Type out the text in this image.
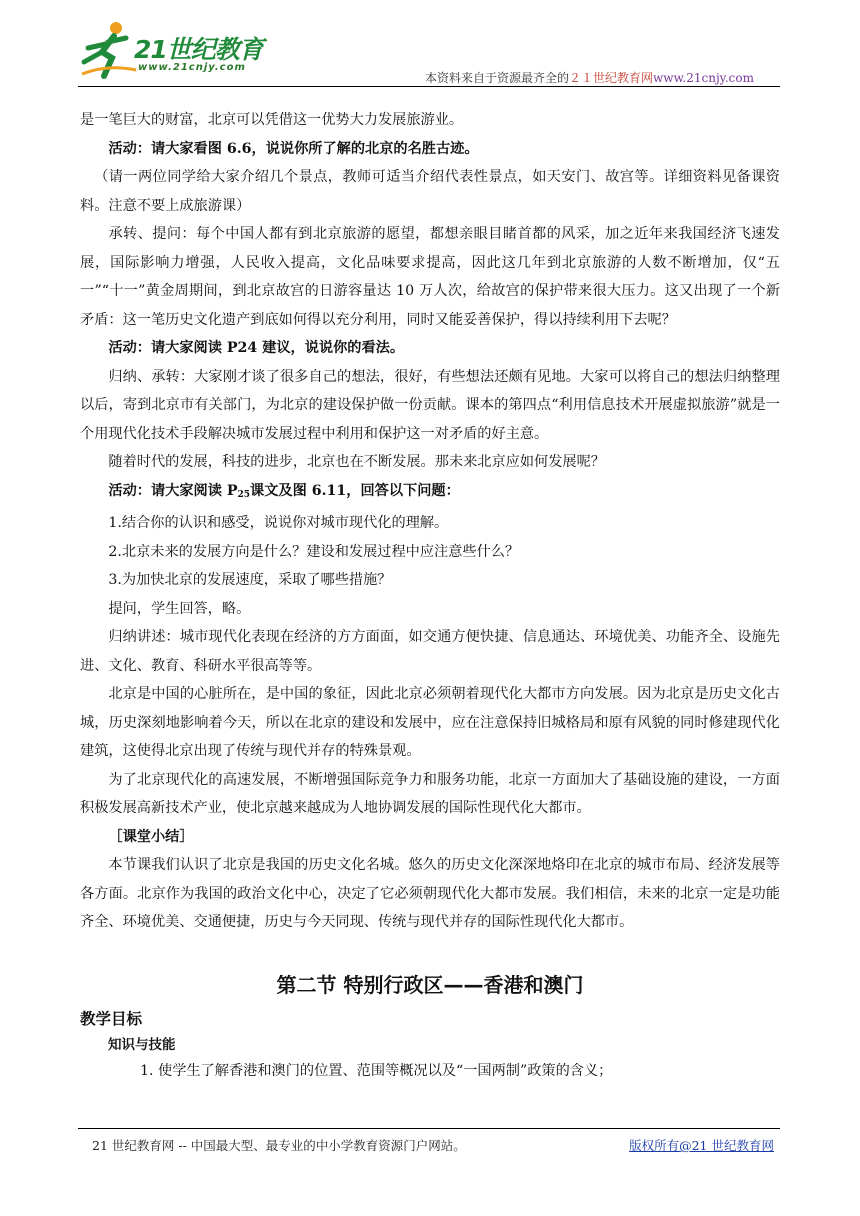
21世纪教育
www.21cnjy.com
本资料来自于资源最齐全的２１世纪教育网www.21cnjy.com

是一笔巨大的财富，北京可以凭借这一优势大力发展旅游业。

活动：请大家看图 6.6，说说你所了解的北京的名胜古迹。

（请一两位同学给大家介绍几个景点，教师可适当介绍代表性景点，如天安门、故宫等。详细资料见备课资料。注意不要上成旅游课）

承转、提问：每个中国人都有到北京旅游的愿望，都想亲眼目睹首都的风采，加之近年来我国经济飞速发展，国际影响力增强，人民收入提高，文化品味要求提高，因此这几年到北京旅游的人数不断增加，仅“五一”“十一”黄金周期间，到北京故宫的日游容量达 10 万人次，给故宫的保护带来很大压力。这又出现了一个新矛盾：这一笔历史文化遗产到底如何得以充分利用，同时又能妥善保护，得以持续利用下去呢？

活动：请大家阅读 P24 建议，说说你的看法。

归纳、承转：大家刚才谈了很多自己的想法，很好，有些想法还颇有见地。大家可以将自己的想法归纳整理以后，寄到北京市有关部门，为北京的建设保护做一份贡献。课本的第四点“利用信息技术开展虚拟旅游”就是一个用现代化技术手段解决城市发展过程中利用和保护这一对矛盾的好主意。

随着时代的发展，科技的进步，北京也在不断发展。那未来北京应如何发展呢？

活动：请大家阅读 $P_{25}$课文及图 6.11，回答以下问题：

1.结合你的认识和感受，说说你对城市现代化的理解。

2.北京未来的发展方向是什么？建设和发展过程中应注意些什么？

3.为加快北京的发展速度，采取了哪些措施？

提问，学生回答，略。

归纳讲述：城市现代化表现在经济的方方面面，如交通方便快捷、信息通达、环境优美、功能齐全、设施先进、文化、教育、科研水平很高等等。

北京是中国的心脏所在，是中国的象征，因此北京必须朝着现代化大都市方向发展。因为北京是历史文化古城，历史深刻地影响着今天，所以在北京的建设和发展中，应在注意保持旧城格局和原有风貌的同时修建现代化建筑，这使得北京出现了传统与现代并存的特殊景观。

为了北京现代化的高速发展，不断增强国际竞争力和服务功能，北京一方面加大了基础设施的建设，一方面积极发展高新技术产业，使北京越来越成为人地协调发展的国际性现代化大都市。

［课堂小结］

本节课我们认识了北京是我国的历史文化名城。悠久的历史文化深深地烙印在北京的城市布局、经济发展等各方面。北京作为我国的政治文化中心，决定了它必须朝现代化大都市发展。我们相信，未来的北京一定是功能齐全、环境优美、交通便捷，历史与今天同现、传统与现代并存的国际性现代化大都市。

第二节 特别行政区——香港和澳门

教学目标

知识与技能

1. 使学生了解香港和澳门的位置、范围等概况以及“一国两制”政策的含义；

21 世纪教育网 -- 中国最大型、最专业的中小学教育资源门户网站。	版权所有@21 世纪教育网
